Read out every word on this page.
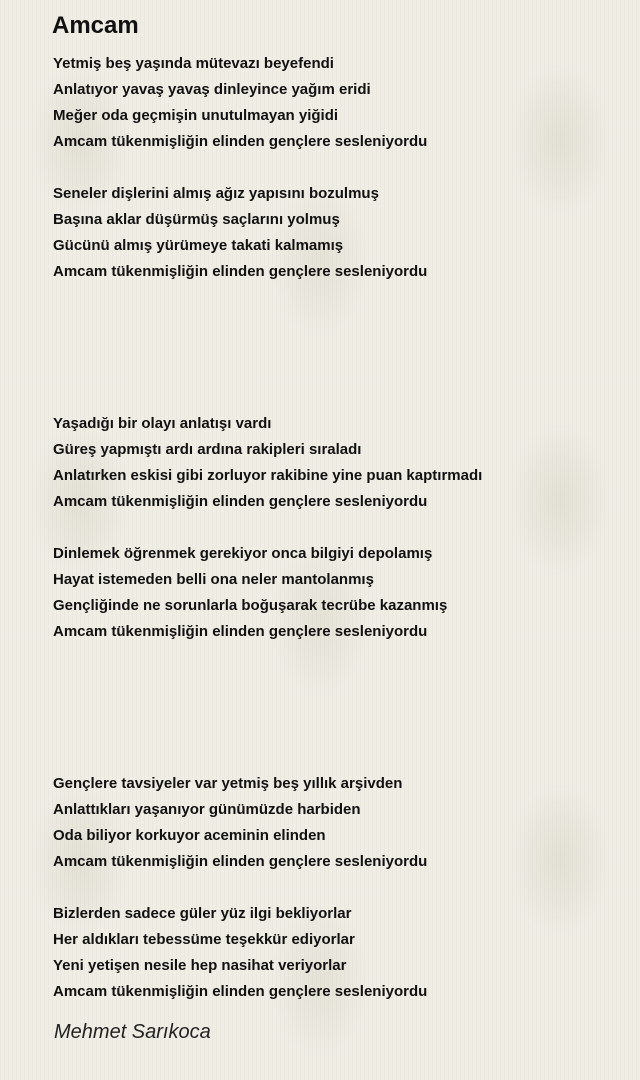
Amcam
Yetmiş beş yaşında mütevazı beyefendi
Anlatıyor yavaş yavaş dinleyince yağım eridi
Meğer oda geçmişin unutulmayan yiğidi
Amcam tükenmişliğin elinden gençlere sesleniyordu
Seneler dişlerini almış ağız yapısını bozulmuş
Başına aklar düşürmüş saçlarını yolmuş
Gücünü almış yürümeye takati kalmamış
Amcam tükenmişliğin elinden gençlere sesleniyordu
Yaşadığı bir olayı anlatışı vardı
Güreş yapmıştı ardı ardına rakipleri sıraladı
Anlatırken eskisi gibi zorluyor rakibine yine puan kaptırmadı
Amcam tükenmişliğin elinden gençlere sesleniyordu
Dinlemek öğrenmek gerekiyor onca bilgiyi depolamış
Hayat istemeden belli ona neler mantolanmış
Gençliğinde ne sorunlarla boğuşarak tecrübe kazanmış
Amcam tükenmişliğin elinden gençlere sesleniyordu
Gençlere tavsiyeler var yetmiş beş yıllık arşivden
Anlattıkları yaşanıyor günümüzde harbiden
Oda biliyor korkuyor aceminin elinden
Amcam tükenmişliğin elinden gençlere sesleniyordu
Bizlerden sadece güler yüz ilgi bekliyorlar
Her aldıkları tebessüme teşekkür ediyorlar
Yeni yetişen nesile hep nasihat veriyorlar
Amcam tükenmişliğin elinden gençlere sesleniyordu
Mehmet Sarıkoca
